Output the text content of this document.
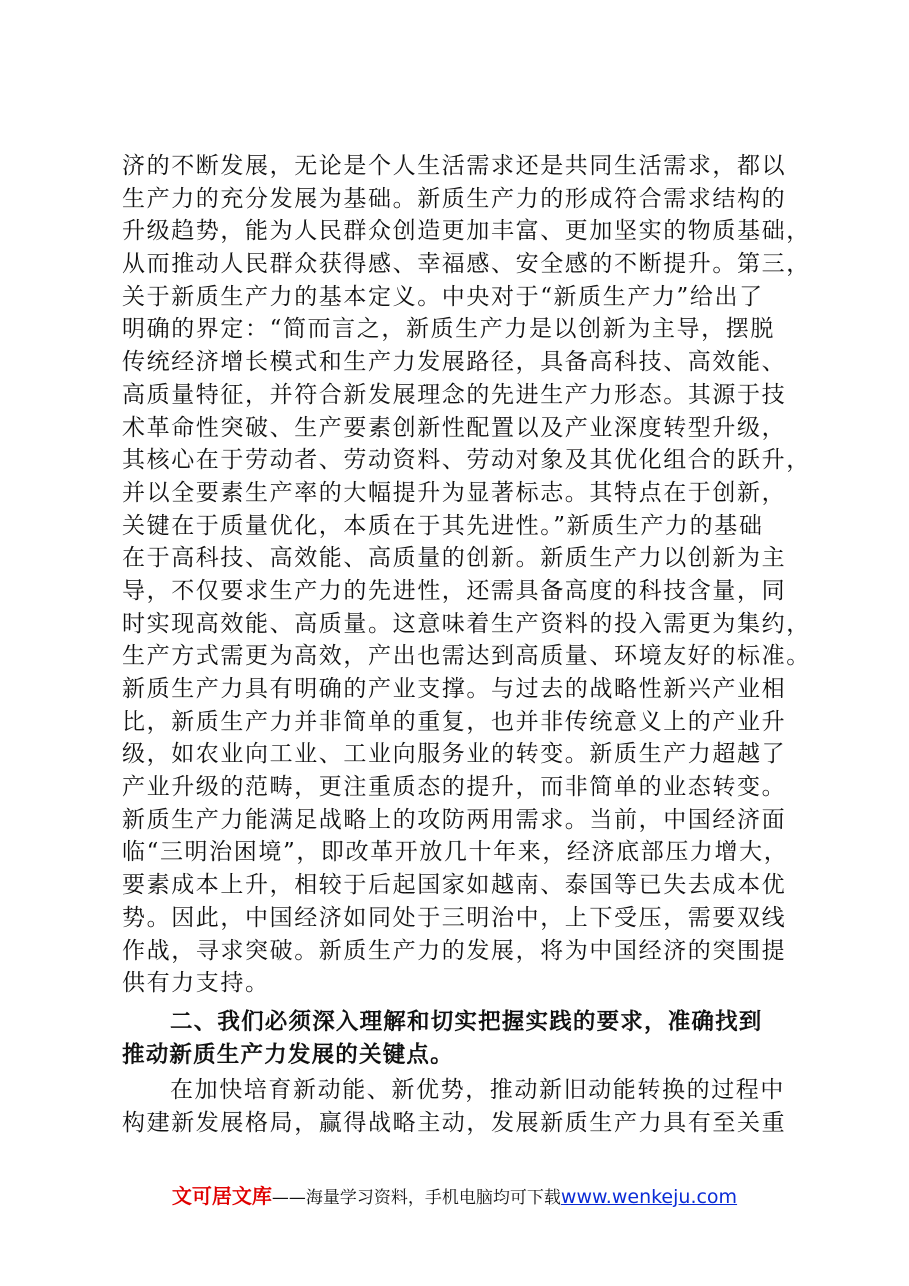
济的不断发展，无论是个人生活需求还是共同生活需求，都以
生产力的充分发展为基础。新质生产力的形成符合需求结构的
升级趋势，能为人民群众创造更加丰富、更加坚实的物质基础，
从而推动人民群众获得感、幸福感、安全感的不断提升。第三，
关于新质生产力的基本定义。中央对于“新质生产力”给出了
明确的界定：“简而言之，新质生产力是以创新为主导，摆脱
传统经济增长模式和生产力发展路径，具备高科技、高效能、
高质量特征，并符合新发展理念的先进生产力形态。其源于技
术革命性突破、生产要素创新性配置以及产业深度转型升级，
其核心在于劳动者、劳动资料、劳动对象及其优化组合的跃升，
并以全要素生产率的大幅提升为显著标志。其特点在于创新，
关键在于质量优化，本质在于其先进性。”新质生产力的基础
在于高科技、高效能、高质量的创新。新质生产力以创新为主
导，不仅要求生产力的先进性，还需具备高度的科技含量，同
时实现高效能、高质量。这意味着生产资料的投入需更为集约，
生产方式需更为高效，产出也需达到高质量、环境友好的标准。
新质生产力具有明确的产业支撑。与过去的战略性新兴产业相
比，新质生产力并非简单的重复，也并非传统意义上的产业升
级，如农业向工业、工业向服务业的转变。新质生产力超越了
产业升级的范畴，更注重质态的提升，而非简单的业态转变。
新质生产力能满足战略上的攻防两用需求。当前，中国经济面
临“三明治困境”，即改革开放几十年来，经济底部压力增大，
要素成本上升，相较于后起国家如越南、泰国等已失去成本优
势。因此，中国经济如同处于三明治中，上下受压，需要双线
作战，寻求突破。新质生产力的发展，将为中国经济的突围提
供有力支持。
二、我们必须深入理解和切实把握实践的要求，准确找到
推动新质生产力发展的关键点。
在加快培育新动能、新优势，推动新旧动能转换的过程中
构建新发展格局，赢得战略主动，发展新质生产力具有至关重
文可居文库——海量学习资料，手机电脑均可下载www.wenkeju.com
